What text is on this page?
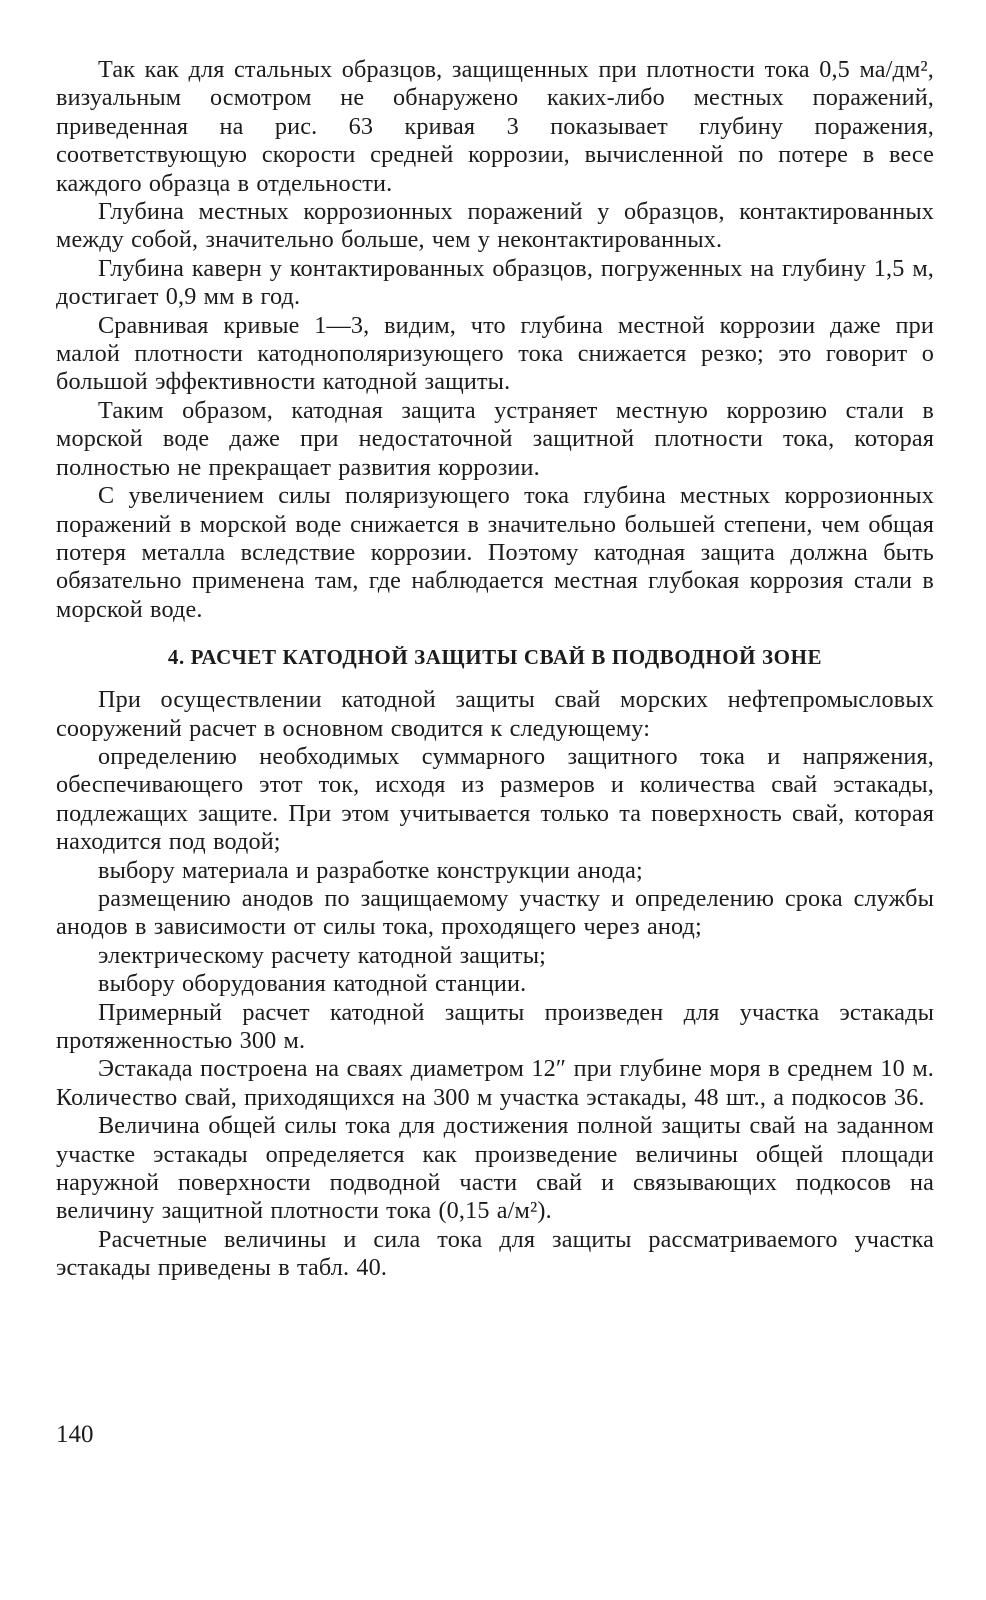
Так как для стальных образцов, защищенных при плотности тока 0,5 ма/дм², визуальным осмотром не обнаружено каких-либо местных поражений, приведенная на рис. 63 кривая 3 показывает глубину поражения, соответствующую скорости средней коррозии, вычисленной по потере в весе каждого образца в отдельности.

Глубина местных коррозионных поражений у образцов, контактированных между собой, значительно больше, чем у неконтактированных.

Глубина каверн у контактированных образцов, погруженных на глубину 1,5 м, достигает 0,9 мм в год.

Сравнивая кривые 1—3, видим, что глубина местной коррозии даже при малой плотности катоднополяризующего тока снижается резко; это говорит о большой эффективности катодной защиты.

Таким образом, катодная защита устраняет местную коррозию стали в морской воде даже при недостаточной защитной плотности тока, которая полностью не прекращает развития коррозии.

С увеличением силы поляризующего тока глубина местных коррозионных поражений в морской воде снижается в значительно большей степени, чем общая потеря металла вследствие коррозии. Поэтому катодная защита должна быть обязательно применена там, где наблюдается местная глубокая коррозия стали в морской воде.

4. РАСЧЕТ КАТОДНОЙ ЗАЩИТЫ СВАЙ В ПОДВОДНОЙ ЗОНЕ

При осуществлении катодной защиты свай морских нефтепромысловых сооружений расчет в основном сводится к следующему:

определению необходимых суммарного защитного тока и напряжения, обеспечивающего этот ток, исходя из размеров и количества свай эстакады, подлежащих защите. При этом учитывается только та поверхность свай, которая находится под водой;

выбору материала и разработке конструкции анода;

размещению анодов по защищаемому участку и определению срока службы анодов в зависимости от силы тока, проходящего через анод;

электрическому расчету катодной защиты;

выбору оборудования катодной станции.

Примерный расчет катодной защиты произведен для участка эстакады протяженностью 300 м.

Эстакада построена на сваях диаметром 12″ при глубине моря в среднем 10 м. Количество свай, приходящихся на 300 м участка эстакады, 48 шт., а подкосов 36.

Величина общей силы тока для достижения полной защиты свай на заданном участке эстакады определяется как произведение величины общей площади наружной поверхности подводной части свай и связывающих подкосов на величину защитной плотности тока (0,15 а/м²).

Расчетные величины и сила тока для защиты рассматриваемого участка эстакады приведены в табл. 40.

140
